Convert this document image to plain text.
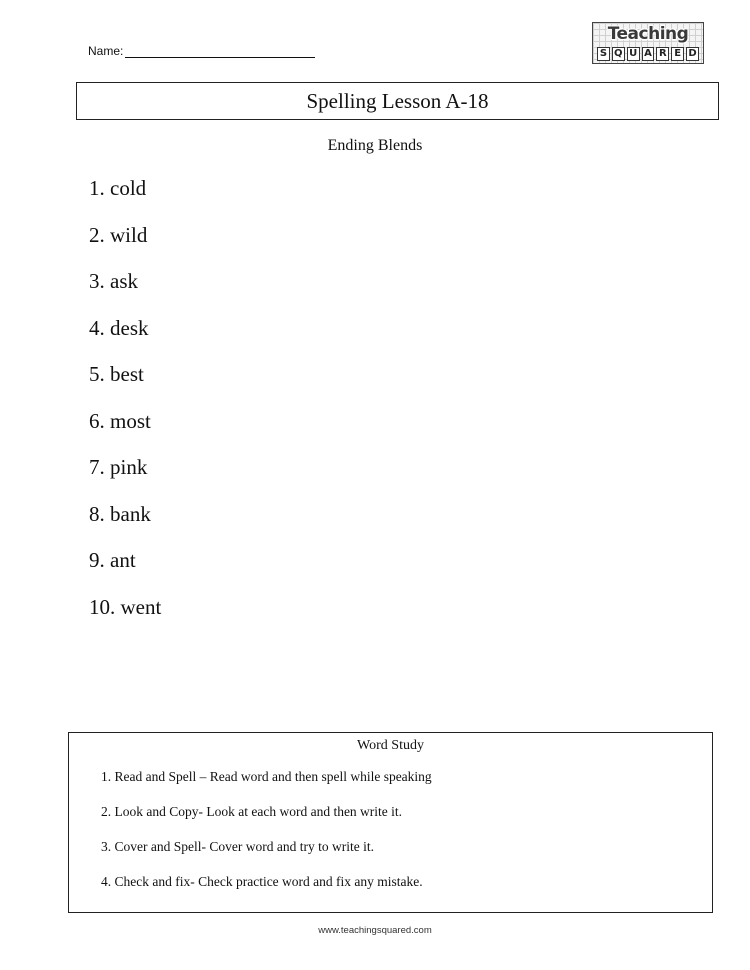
Name:
Teaching
S Q U A R E D
Spelling Lesson A-18
Ending Blends
1. cold
2. wild
3. ask
4. desk
5. best
6. most
7. pink
8. bank
9. ant
10. went
Word Study
1. Read and Spell – Read word and then spell while speaking
2. Look and Copy- Look at each word and then write it.
3. Cover and Spell- Cover word and try to write it.
4. Check and fix- Check practice word and fix any mistake.
www.teachingsquared.com
